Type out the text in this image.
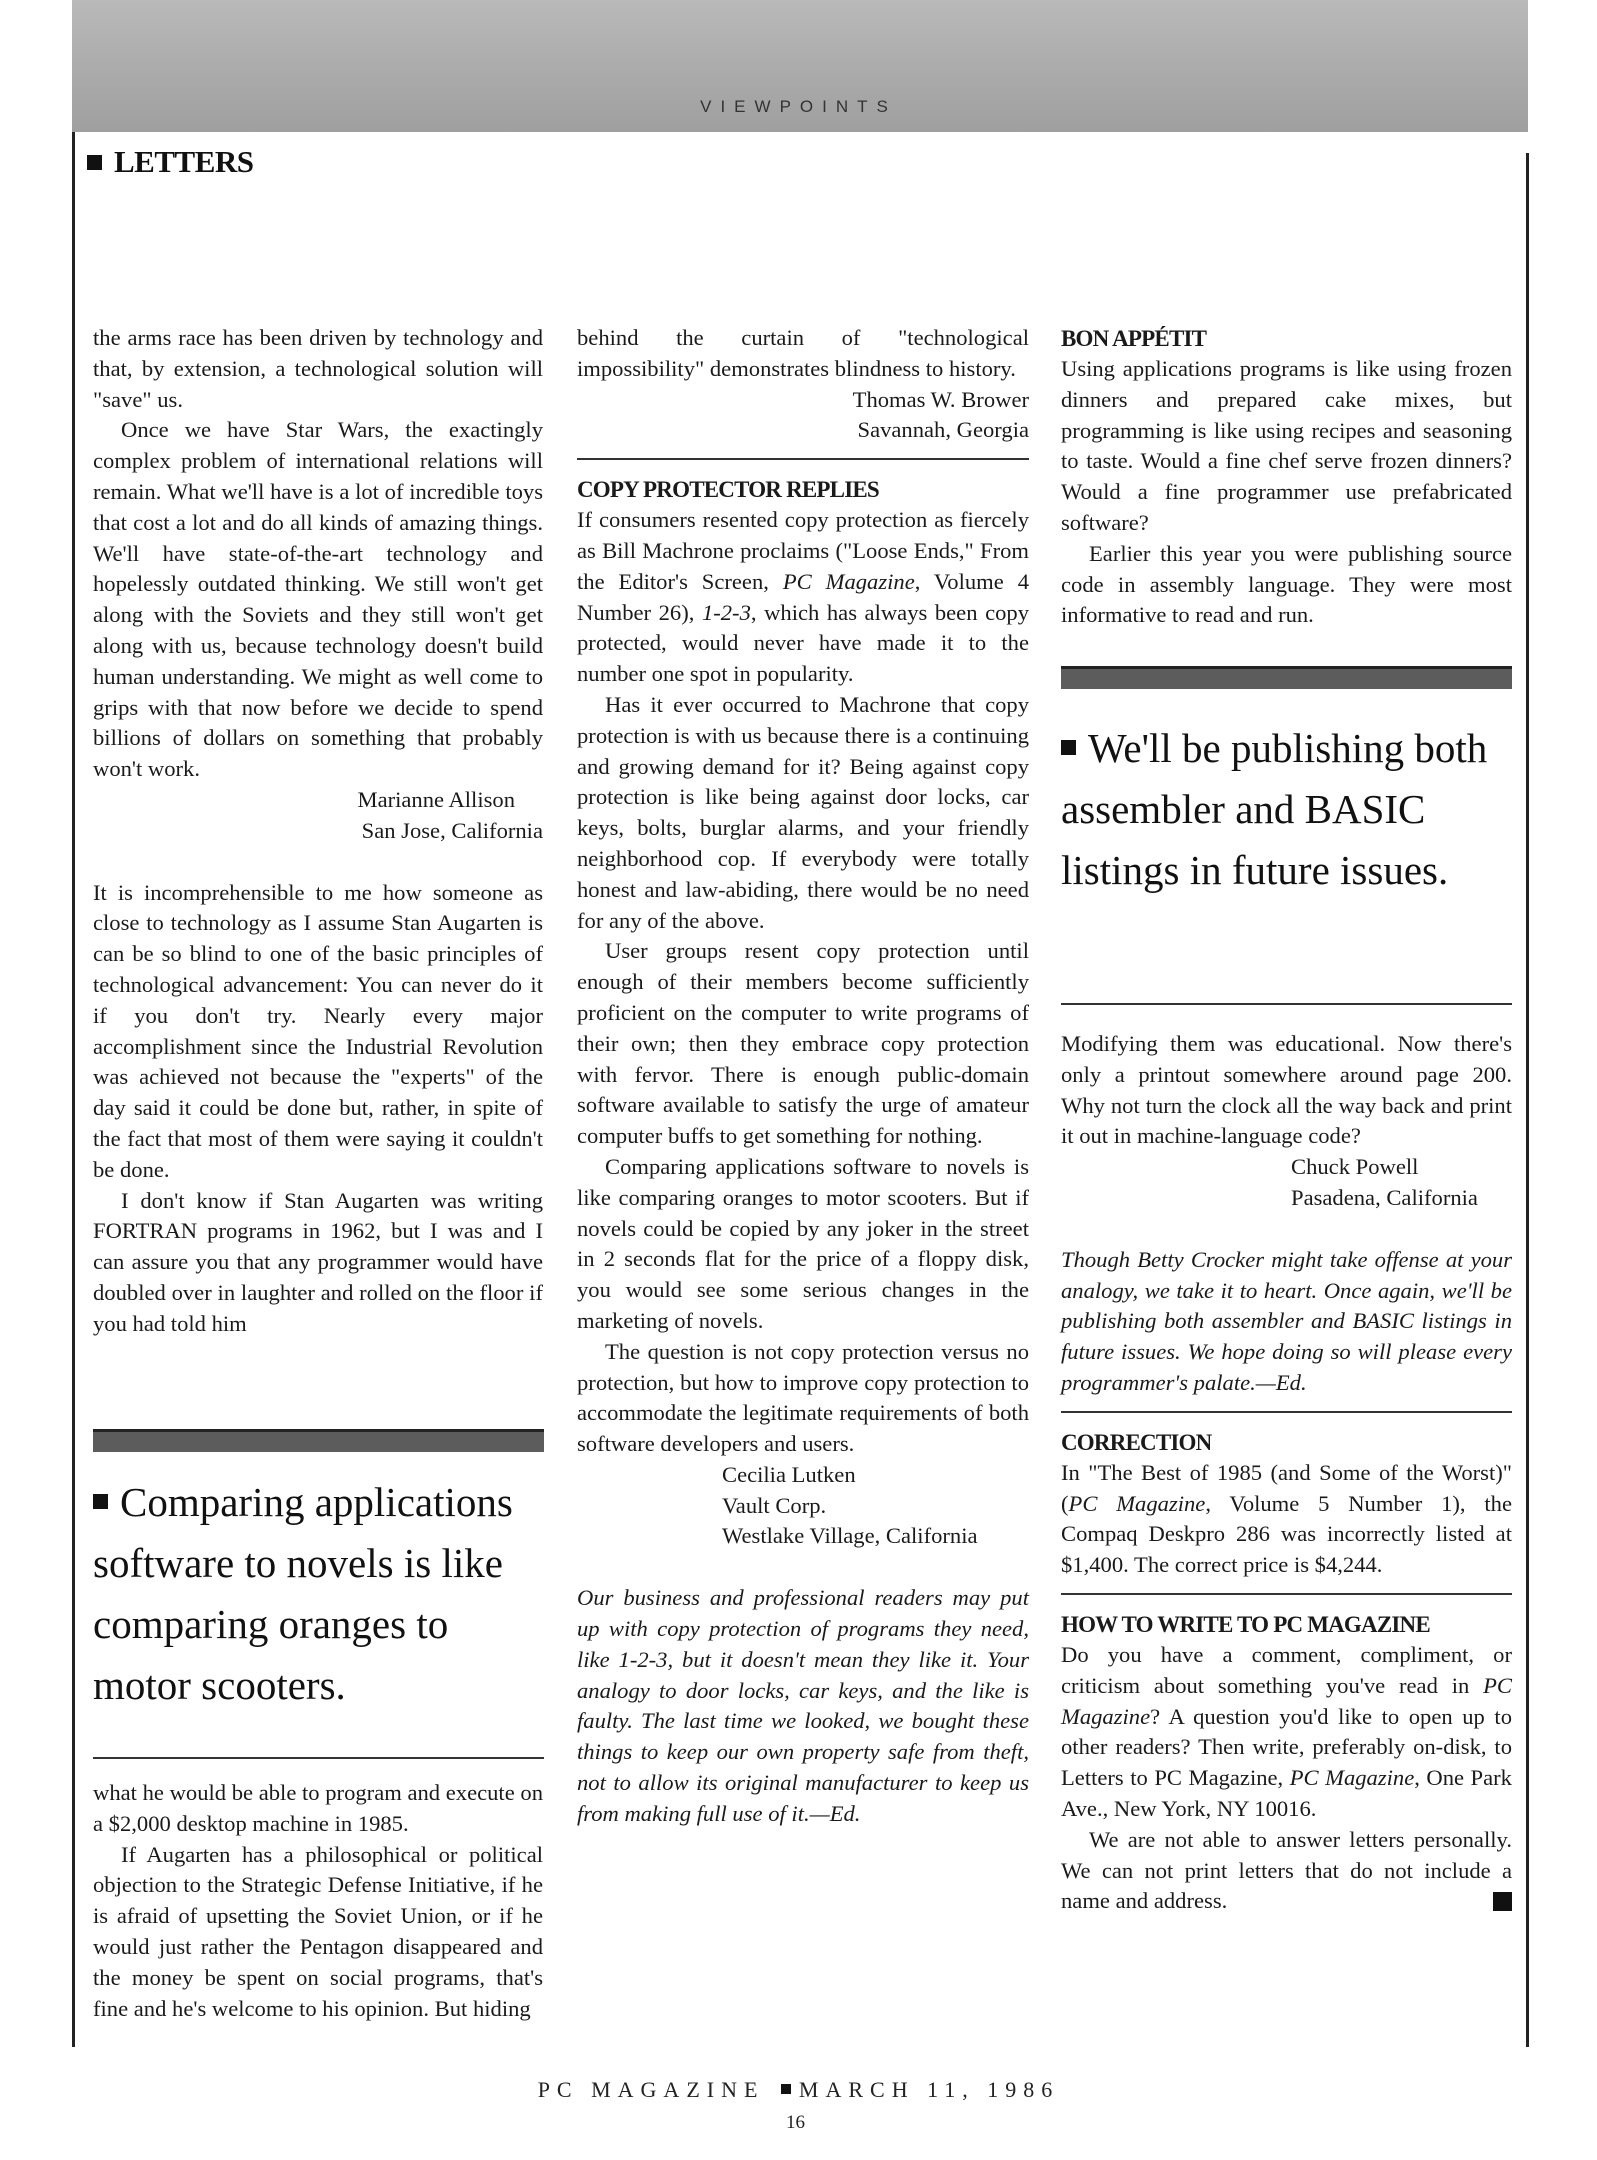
VIEWPOINTS
LETTERS

the arms race has been driven by technology and that, by extension, a technological solution will "save" us.

Once we have Star Wars, the exactingly complex problem of international relations will remain. What we'll have is a lot of incredible toys that cost a lot and do all kinds of amazing things. We'll have state-of-the-art technology and hopelessly outdated thinking. We still won't get along with the Soviets and they still won't get along with us, because technology doesn't build human understanding. We might as well come to grips with that now before we decide to spend billions of dollars on something that probably won't work.

Marianne Allison

San Jose, California

It is incomprehensible to me how someone as close to technology as I assume Stan Augarten is can be so blind to one of the basic principles of technological advancement: You can never do it if you don't try. Nearly every major accomplishment since the Industrial Revolution was achieved not because the "experts" of the day said it could be done but, rather, in spite of the fact that most of them were saying it couldn't be done.

I don't know if Stan Augarten was writing FORTRAN programs in 1962, but I was and I can assure you that any programmer would have doubled over in laughter and rolled on the floor if you had told him

Comparing applications software to novels is like comparing oranges to motor scooters.

what he would be able to program and execute on a $2,000 desktop machine in 1985.

If Augarten has a philosophical or political objection to the Strategic Defense Initiative, if he is afraid of upsetting the Soviet Union, or if he would just rather the Pentagon disappeared and the money be spent on social programs, that's fine and he's welcome to his opinion. But hiding

behind the curtain of "technological impossibility" demonstrates blindness to history.

Thomas W. Brower

Savannah, Georgia

COPY PROTECTOR REPLIES

If consumers resented copy protection as fiercely as Bill Machrone proclaims ("Loose Ends," From the Editor's Screen, PC Magazine, Volume 4 Number 26), 1-2-3, which has always been copy protected, would never have made it to the number one spot in popularity.

Has it ever occurred to Machrone that copy protection is with us because there is a continuing and growing demand for it? Being against copy protection is like being against door locks, car keys, bolts, burglar alarms, and your friendly neighborhood cop. If everybody were totally honest and law-abiding, there would be no need for any of the above.

User groups resent copy protection until enough of their members become sufficiently proficient on the computer to write programs of their own; then they embrace copy protection with fervor. There is enough public-domain software available to satisfy the urge of amateur computer buffs to get something for nothing.

Comparing applications software to novels is like comparing oranges to motor scooters. But if novels could be copied by any joker in the street in 2 seconds flat for the price of a floppy disk, you would see some serious changes in the marketing of novels.

The question is not copy protection versus no protection, but how to improve copy protection to accommodate the legitimate requirements of both software developers and users.

Cecilia Lutken

Vault Corp.

Westlake Village, California

Our business and professional readers may put up with copy protection of programs they need, like 1-2-3, but it doesn't mean they like it. Your analogy to door locks, car keys, and the like is faulty. The last time we looked, we bought these things to keep our own property safe from theft, not to allow its original manufacturer to keep us from making full use of it.—Ed.

BON APPÉTIT

Using applications programs is like using frozen dinners and prepared cake mixes, but programming is like using recipes and seasoning to taste. Would a fine chef serve frozen dinners? Would a fine programmer use prefabricated software?

Earlier this year you were publishing source code in assembly language. They were most informative to read and run.

We'll be publishing both assembler and BASIC listings in future issues.

Modifying them was educational. Now there's only a printout somewhere around page 200. Why not turn the clock all the way back and print it out in machine-language code?

Chuck Powell

Pasadena, California

Though Betty Crocker might take offense at your analogy, we take it to heart. Once again, we'll be publishing both assembler and BASIC listings in future issues. We hope doing so will please every programmer's palate.—Ed.

CORRECTION

In "The Best of 1985 (and Some of the Worst)" (PC Magazine, Volume 5 Number 1), the Compaq Deskpro 286 was incorrectly listed at $1,400. The correct price is $4,244.

HOW TO WRITE TO PC MAGAZINE

Do you have a comment, compliment, or criticism about something you've read in PC Magazine? A question you'd like to open up to other readers? Then write, preferably on-disk, to Letters to PC Magazine, PC Magazine, One Park Ave., New York, NY 10016.

We are not able to answer letters personally. We can not print letters that do not include a name and address.

PC MAGAZINE MARCH 11, 1986
16
